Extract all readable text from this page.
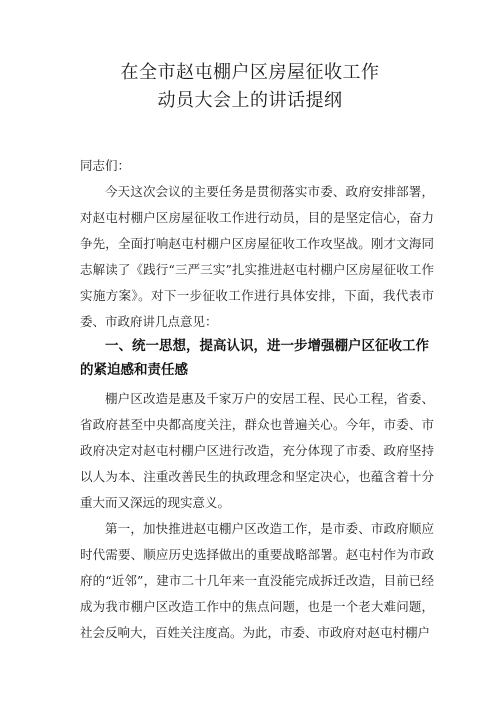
在全市赵屯棚户区房屋征收工作
动员大会上的讲话提纲
同志们：
今天这次会议的主要任务是贯彻落实市委、政府安排部署，对赵屯村棚户区房屋征收工作进行动员，目的是坚定信心，奋力争先，全面打响赵屯村棚户区房屋征收工作攻坚战。刚才文海同志解读了《践行“三严三实”扎实推进赵屯村棚户区房屋征收工作实施方案》。对下一步征收工作进行具体安排，下面，我代表市委、市政府讲几点意见：
一、统一思想，提高认识，进一步增强棚户区征收工作的紧迫感和责任感
棚户区改造是惠及千家万户的安居工程、民心工程，省委、省政府甚至中央都高度关注，群众也普遍关心。今年，市委、市政府决定对赵屯村棚户区进行改造，充分体现了市委、政府坚持以人为本、注重改善民生的执政理念和坚定决心，也蕴含着十分重大而又深远的现实意义。
第一，加快推进赵屯棚户区改造工作，是市委、市政府顺应时代需要、顺应历史选择做出的重要战略部署。赵屯村作为市政府的“近邻”，建市二十几年来一直没能完成拆迁改造，目前已经成为我市棚户区改造工作中的焦点问题，也是一个老大难问题，社会反响大，百姓关注度高。为此，市委、市政府对赵屯村棚户
